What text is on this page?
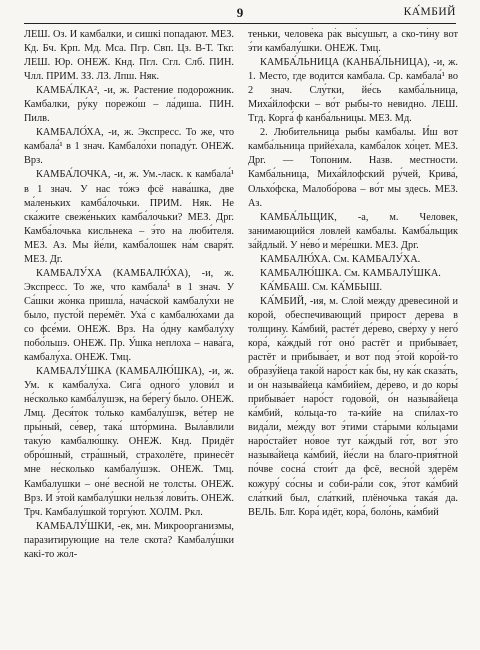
9	КА́МБИЙ

ЛЕШ. Оз. И камбалки, и сишкі попадают. МЕЗ. Кд. Бч. Крп. Мд. Мса. Пгр. Свп. Цз. В-Т. Ткг. ЛЕШ. Юр. ОНЕЖ. Кнд. Пгл. Сгл. Слб. ПИН. Члл. ПРИМ. ЗЗ. ЛЗ. Лпш. Няк.

КАМБА́ЛКА², -и, ж. Растение подорожник. Камбалки, ру́ку порежо́ш – ла́диша. ПИН. Пилв.

КАМБАЛО́ХА, -и, ж. Экспресс. То же, что камбала́¹ в 1 знач. Камбало́хи попаду́т. ОНЕЖ. Врз.

КАМБА́ЛОЧКА, -и, ж. Ум.-ласк. к камбала́¹ в 1 знач. У нас то́жэ фсё нава́шка, две ма́леньких камба́лочьки. ПРИМ. Няк. Не ска́жите свеже́ньких камба́лочьки? МЕЗ. Дрг. Камба́лочька кисльнека – э́то на люби́теля. МЕЗ. Аз. Мы йе́ли, камба́лошек на́м сваря́т. МЕЗ. Дг.

КАМБАЛУ́ХА (КАМБАЛЮ́ХА), -и, ж. Экспресс. То же, что камбала́¹ в 1 знач. У Са́шки жо́нка пришла́, нача́ской камбалу́хи не было, пусто́й пере́мёт. Уха́ с камбалю́хами да со фсе́ми. ОНЕЖ. Врз. На о́дну камбалу́ху побо́льшэ. ОНЕЖ. Пр. У́шка неплоха – нава́га, камбалу́ха. ОНЕЖ. Тмц.

КАМБАЛУ́ШКА (КАМБАЛЮ́ШКА), -и, ж. Ум. к камбалу́ха. Сига́ одного́ улови́л и не́сколько камба́лушэк, на бе́регу́ было. ОНЕЖ. Лмц. Деся́ток то́лько камбалу́шэк, ве́тер не пры́ный, се́вер, така́ што́рмина. Выла́влили таку́ю камбалю́шку. ОНЕЖ. Кнд. Придёт обро́шный, стра́шный, страхолёте, принесёт мне не́сколько камбалу́шэк. ОНЕЖ. Тмц. Камбалушки – оне́ весно́й не толсты. ОНЕЖ. Врз. И э́той камбалу́шки нельзя́ лови́ть. ОНЕЖ. Трч. Камбалу́шкой торгу́ют. ХОЛМ. Ркл.

КАМБАЛУ́ШКИ, -ек, мн. Микроорганизмы, паразитирующие на теле скота? Камбалу́шки какі-то жо́л-

теньки, челове́ка ра́к вы́сушыт, а ско-ти́ну вот э́ти камбалу́шки. ОНЕЖ. Тмц.

КАМБА́ЛЬНИЦА (КАНБА́ЛЬНИЦА), -и, ж. 1. Место, где водится камбала. Ср. камбала́¹ во 2 знач. Слу́тки, йе́сь камба́льница, Миха́йлофски – во́т рыбы-то невидно. ЛЕШ. Тгд. Корга́ ф канба́льницы. МЕЗ. Мд.

2. Любительница рыбы камбалы. И́ш вот камба́льница прийе́хала, камба́лок хо́цет. МЕЗ. Дрг. — Топоним. Назв. местности. Камба́льница, Миха́йлофский ру́чей, Крива́, Ольхо́фска, Малобо́рова – во́т мы здесь. МЕЗ. Аз.

КАМБА́ЛЬЩИК, -а, м. Человек, занимающийся ловлей камбалы. Камба́льщик за́йдлый. У не́во́ и ме́ре́шки. МЕЗ. Дрг.

КАМБАЛЮ́ХА. См. КАМБАЛУ́ХА.

КАМБАЛЮ́ШКА. См. КАМБАЛУ́ШКА.

КА́МБАШ. См. КА́МБЫШ.

КА́МБИЙ, -ия, м. Слой между древесиной и корой, обеспечивающий прирост дерева в толщину. Ка́мбий, расте́т де́рево, све́рху у него́ кора́, ка́ждый го́т оно́ растёт и прибыва́ет, растёт и прибыва́ет, и вот под э́той коро́й-то образу́йеца тако́й наро́ст ка́к бы, ну ка́к сказа́ть, и о́н называ́йеца ка́мбийем, де́рево, и до коры́ прибыва́ет наро́ст годово́й, о́н называ́йеца ка́мбий, ко́льца-то та-ки́йе на спи́лах-то вида́ли, ме́жду вот э́тими ста́рыми ко́льцами наро́стайет но́вое тут ка́ждый го́т, вот э́то называ́йеца ка́мбий, йе́сли на благо-прия́тной по́чве сосна́ стои́т да фсё, весно́й здерём кожуру́ со́сны и соби-ра́ли сок, э́тот ка́мбий сла́ткий был, сла́ткий, плёночька така́я да. ВЕЛЬ. Блг. Кора́ идёт, кора́, боло́нь, ка́мбий
